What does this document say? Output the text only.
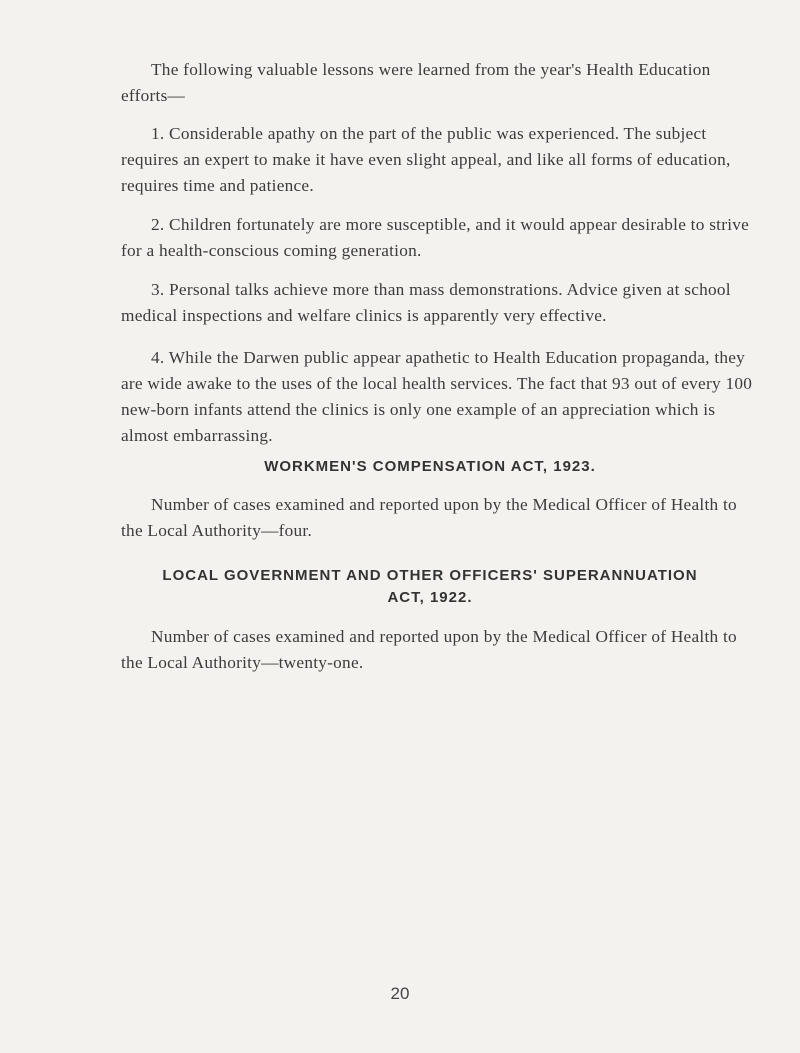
The following valuable lessons were learned from the year's Health Education efforts—

1. Considerable apathy on the part of the public was experienced. The subject requires an expert to make it have even slight appeal, and like all forms of education, requires time and patience.

2. Children fortunately are more susceptible, and it would appear desirable to strive for a health-conscious coming generation.

3. Personal talks achieve more than mass demonstrations. Advice given at school medical inspections and welfare clinics is apparently very effective.

4. While the Darwen public appear apathetic to Health Education propaganda, they are wide awake to the uses of the local health services. The fact that 93 out of every 100 new-born infants attend the clinics is only one example of an appreciation which is almost embarrassing.

WORKMEN'S COMPENSATION ACT, 1923.

Number of cases examined and reported upon by the Medical Officer of Health to the Local Authority—four.

LOCAL GOVERNMENT AND OTHER OFFICERS' SUPERANNUATION
ACT, 1922.

Number of cases examined and reported upon by the Medical Officer of Health to the Local Authority—twenty-one.

20
